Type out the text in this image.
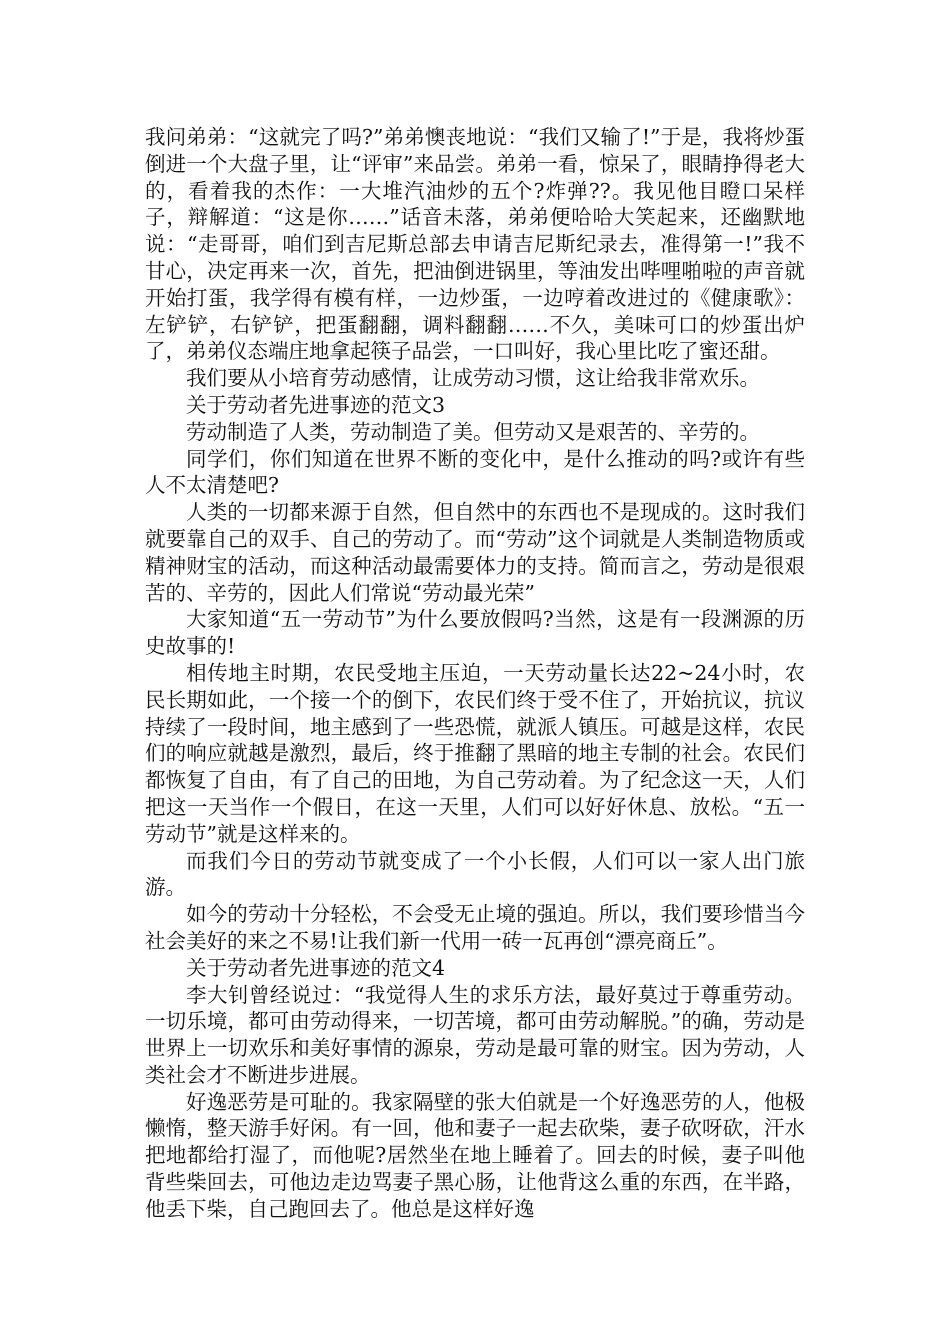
我问弟弟：“这就完了吗?”弟弟懊丧地说：“我们又输了!”于是，我将炒蛋倒进一个大盘子里，让“评审”来品尝。弟弟一看，惊呆了，眼睛挣得老大的，看着我的杰作：一大堆汽油炒的五个?炸弹??。我见他目瞪口呆样子，辩解道：“这是你……”话音未落，弟弟便哈哈大笑起来，还幽默地说：“走哥哥，咱们到吉尼斯总部去申请吉尼斯纪录去，准得第一!”我不甘心，决定再来一次，首先，把油倒进锅里，等油发出哔哩啪啦的声音就开始打蛋，我学得有模有样，一边炒蛋，一边哼着改进过的《健康歌》：左铲铲，右铲铲，把蛋翻翻，调料翻翻……不久，美味可口的炒蛋出炉了，弟弟仪态端庄地拿起筷子品尝，一口叫好，我心里比吃了蜜还甜。

我们要从小培育劳动感情，让成劳动习惯，这让给我非常欢乐。

关于劳动者先进事迹的范文3

劳动制造了人类，劳动制造了美。但劳动又是艰苦的、辛劳的。

同学们，你们知道在世界不断的变化中，是什么推动的吗?或许有些人不太清楚吧?

人类的一切都来源于自然，但自然中的东西也不是现成的。这时我们就要靠自己的双手、自己的劳动了。而“劳动”这个词就是人类制造物质或精神财宝的活动，而这种活动最需要体力的支持。简而言之，劳动是很艰苦的、辛劳的，因此人们常说“劳动最光荣”

大家知道“五一劳动节”为什么要放假吗?当然，这是有一段渊源的历史故事的!

相传地主时期，农民受地主压迫，一天劳动量长达22~24小时，农民长期如此，一个接一个的倒下，农民们终于受不住了，开始抗议，抗议持续了一段时间，地主感到了一些恐慌，就派人镇压。可越是这样，农民们的响应就越是激烈，最后，终于推翻了黑暗的地主专制的社会。农民们都恢复了自由，有了自己的田地，为自己劳动着。为了纪念这一天，人们把这一天当作一个假日，在这一天里，人们可以好好休息、放松。“五一劳动节”就是这样来的。

而我们今日的劳动节就变成了一个小长假，人们可以一家人出门旅游。

如今的劳动十分轻松，不会受无止境的强迫。所以，我们要珍惜当今社会美好的来之不易!让我们新一代用一砖一瓦再创“漂亮商丘”。

关于劳动者先进事迹的范文4

李大钊曾经说过：“我觉得人生的求乐方法，最好莫过于尊重劳动。一切乐境，都可由劳动得来，一切苦境，都可由劳动解脱。”的确，劳动是世界上一切欢乐和美好事情的源泉，劳动是最可靠的财宝。因为劳动，人类社会才不断进步进展。

好逸恶劳是可耻的。我家隔壁的张大伯就是一个好逸恶劳的人，他极懒惰，整天游手好闲。有一回，他和妻子一起去砍柴，妻子砍呀砍，汗水把地都给打湿了，而他呢?居然坐在地上睡着了。回去的时候，妻子叫他背些柴回去，可他边走边骂妻子黑心肠，让他背这么重的东西，在半路，他丢下柴，自己跑回去了。他总是这样好逸
